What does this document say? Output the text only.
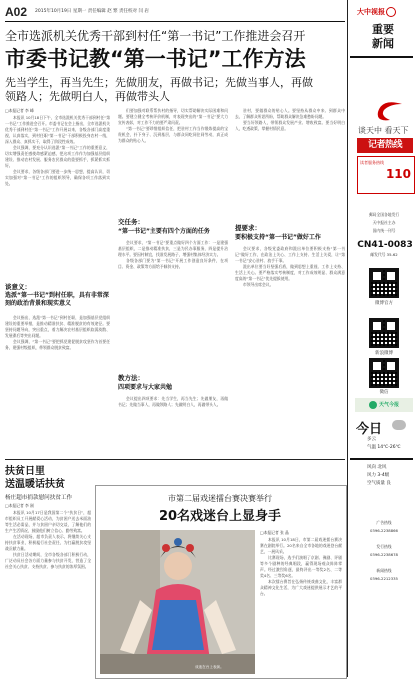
A02 2015年10月19日 星期一 责任编辑 赵 繁 责任校对 闫 岩
全市选派机关优秀干部到村任“第一书记”工作推进会召开
市委书记教“第一书记”工作方法
先当学生，再当先生；先做朋友，再做书记；先做当事人，再做
领路人；先做明白人，再做带头人

□本报记者 李 峰

本报讯 10月18日下午，全市选派机关优秀干部到村任“第一书记”工作推进会召开。市委书记在会上指出，全市选派机关优秀干部到村任“第一书记”工作开展以来，各级各部门高度重视，认真落实，到村任职“第一书记”干部积极投身农村一线，深入群众、真抓实干，取得了阶段性成效。

会议强调，要充分认识选派“第一书记”工作的重要意义，切实增强责任感使命感紧迫感，把这项工作作为加强基层组织建设、推动农村发展、服务农民群众的重要抓手，抓紧抓实抓好。

会议要求，各级各部门要进一步统一思想，提高认识，切实加强对“第一书记”工作的组织领导，确保各项工作落到实处。

谈意义：
选派“第一书记”到村任职，具有非常深刻的政治背景和现实意义

会议指出，选派“第一书记”到村任职，是加强基层党组织建设的重要举措，是推动精准扶贫、精准脱贫的有效途径。要坚持问题导向，突出重点，着力解决农村基层组织软弱涣散、发展滞后等突出问题。

会议强调，“第一书记”要把抓党建促脱贫攻坚作为首要任务，建强村级组织，带领群众脱贫致富。

们要加强对联系帮扶村的指导，切实帮助解决实际困难和问题。要建立健全考核评价机制，对表现突出的“第一书记”要大力宣传表彰，对工作不力的要严肃问责。

“第一书记”要珍惜组织信任，把驻村工作当作锻炼提高的宝贵机会，扑下身子、沉到基层，与群众同吃同住同劳动，真正成为群众的贴心人。

交任务：
“第一书记”主要有四个方面的任务

会议要求，“第一书记”要重点做好四个方面工作：一是建强基层组织，二是推动精准扶贫，三是为民办事服务，四是提升治理水平。要因村制宜，找准发展路子，增强村集体经济实力。

各级各部门要为“第一书记”开展工作创造良好条件，在项目、资金、政策等方面给予倾斜支持。

教方法：
四项要求与大家共勉

会议提出四项要求：先当学生，再当先生；先做朋友，再做书记；先做当事人，再做领路人；先做明白人，再做带头人。

驻村，要做群众的贴心人。要坚持从群众中来、到群众中去，了解群众所思所盼，帮助群众解决急难愁盼问题。

要当好领路人，带领群众发展产业、增收致富。要当好明白人，吃透政策，掌握村情民意。

提要求：
要积极支持“第一书记”做好工作

会议要求，各级党委政府和派出单位要积极支持“第一书记”做好工作，在政治上关心、工作上支持、生活上关爱，让“第一书记”安心驻村、放手干事。

派出单位要当好坚强后盾，做到思想上重视、工作上支持、生活上关心。要严格落实考核制度，对工作成效明显、群众满意度高的“第一书记”优先提拔使用。

市领导出席会议。

扶贫日里
送温暖话扶贫
杨庄超市捐款慰问扶贫工作

□本报记者 李 刚

本报讯 10月17日是我国第二个“扶贫日”，超市组织员工开展献爱心活动，为贫困户送去米面油等生活必需品，并与贫困户亲切交谈，了解他们的生产生活情况，鼓励他们树立信心、勤劳致富。

在活动现场，超市负责人表示，将继续关心支持扶贫事业，积极履行社会责任，为打赢脱贫攻坚战贡献力量。

扶贫日活动期间，全市各级各部门积极行动，广泛动员社会各方面力量参与扶贫开发，营造了全社会关心扶贫、支持扶贫、参与扶贫的浓厚氛围。

市第二届戏迷擂台赛决赛举行
20名戏迷台上显身手
戏迷在台上表演。

□本报记者 张 晶

本报讯 10月18日，市第二届戏迷擂台赛决赛在剧院举行。20名来自全市各地的戏迷登台献艺，一展风采。

比赛现场，选手们演唱了京剧、豫剧、评剧等多个剧种的经典唱段，赢得现场观众阵阵掌声。经过激烈角逐，最终评出一等奖2名、二等奖4名、三等奖6名。

本次擂台赛旨在弘扬传统戏曲文化，丰富群众精神文化生活，为广大戏迷提供展示才艺的平台。

大中视报
重要
新闻
谈天中 看天下
记者热线
读者服务热线
110
郵局全国各地发行
天中报社主办
国内统一刊号
CN41-0083
邮发代号 35-62
微博官方
新浪微博
微信
天气今报
今日
多云
气温 14℃-26℃
风向 北风
风力 3-4级
空气质量 良
广告热线
0396-2238866
发行热线
0396-2238678
新闻热线
0396-2212335
